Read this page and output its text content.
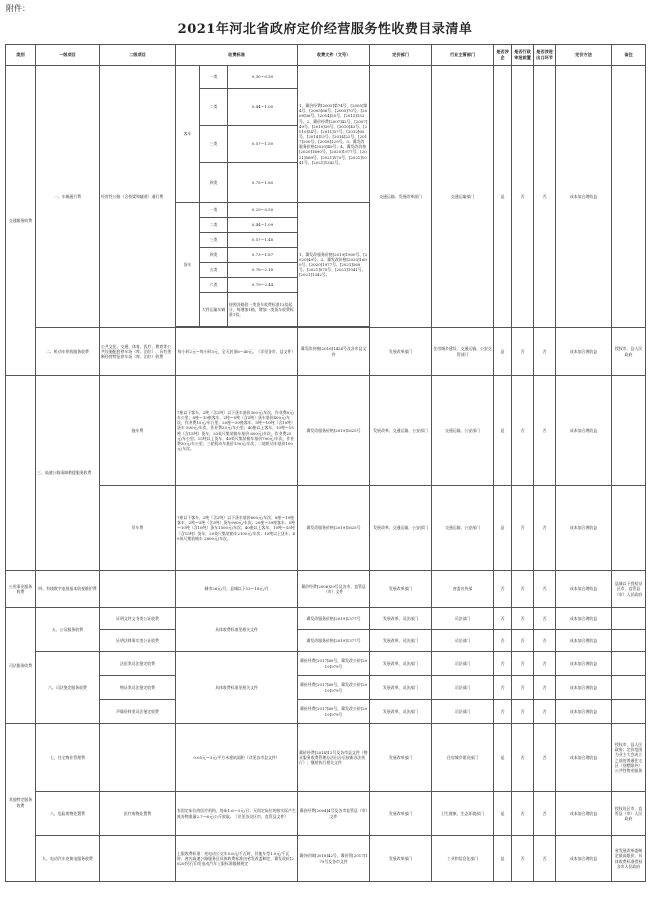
附件：
2021年河北省政府定价经营服务性收费目录清单
类别	一级项目	二级项目	收费标准			收费文件（文号）	定价部门	行业主管部门	是否涉企	是否行政审批前置	是否涉进出口环节	定价方法	备注
交通服务收费	一、车辆通行费	经营性公路（含桥梁和隧道）通行费	客车	一类	0.30～0.50	1、冀价经费[2005]第74号、[2005]第4号、[2005]66号、[2005]70号、[2008]36号、[2014]55号、[2015]152号。2、冀价经费[2007]42号、[2007]49号、[2010]39号、[2010]43号、[2010]54号、[2011]37号、[2012]65号、[2014]15号、[2014]22号、[2017]200号、[2018]129号。3、冀发改服务价格[2020]49号；4、冀发改价格[2020]1690号、[2020]1977号、[2021]569号、[2021]570号、[2021]1041号、[2021]1342号。	交通运输、发展改革部门	交通运输部门	是	否	否	成本加合理收益	
				二类	0.44～1.00								
				三类	0.57～1.50								
				四类	0.75～1.80								
			货车	一类	0.29～0.50	1、冀发改服务价格[2019]1900号、[2020]49号；2、冀发改价格[2020]1690号、[2020]1977号、[2021]569号、[2021]570号、[2021]1041号、[2021]1342号。							
				二类	0.44～1.09								
				三类	0.57～1.48								
				四类	0.73～1.87								
				五类	0.78～2.18								
				六类	0.79～2.44								
				大件运输车辆	按照各路段一类货车收费标准13倍起计，每增加1轴，增加一类货车收费标准1倍。								

	二、机动车停放服务收费	公共文化、交通、体育、医疗、教育等公共设施配套停车场（库、泊位）、具有垄断经营特征停车场（库、泊位）收费	每小时2元～每小时3元，全天封顶6～40元。（详见各市、县文件）			冀发改价格[2016]1424号及各市县文件	发展改革部门	住房城乡建设、交通运输、公安交管部门	是	否	否	成本加合理收益	授权市、县人民政府
	三、高速公路清障救援服务收费	拖车费	7座以下客车、2吨（含2吨）以下货车基价300元/车次，作业费8元/车公里；8座～19座客车、2吨～5吨（含5吨）货车基价400元/车次，作业费15元/车公里；20座～39座客车、5吨～10吨（含10吨）货车 500元/车次，作业费25元/车公里；40座以上客车、10吨～15吨（含15吨）货车，20英尺集装箱车基价 600元/车次，作业费25元/车公里；15吨以上货车、40英尺集装箱车基价700元/车次，作业费30元/车公里；三轮机动车基价150元/车次；二轮机动车基价100元/车次。			冀发改服务价格[2019]1625号	发展改革、交通运输、公安部门	交通运输、公安部门	是	否	否	成本加合理收益	
		吊车费	7座以下客车、2吨（含2吨）以下货车基价600元/车次；8座～19座客车、2吨～5吨（含5吨）货车900元/车次；20座～39座客车、5吨～10吨（含10吨）货车1500元/车次；40座以上客车、10吨～15吨（含15吨）货车，20英尺集装箱车2100元/车次；15吨以上货车、40英尺集装箱车 2800元/车次。			冀发改服务价格[2019]1625号	发展改革、交通运输、公安部门	交通运输、公安部门	是	否	否	成本加合理收益	
公用事业服务收费	四、有线数字电视基本收视维护费		城市26元/月，县城以下13～18元/月			冀价经费[2006]29号及各市、直管县（市）文件	发展改革部门	省委宣传部	否	否	否	成本加合理收益	县城以下授权设区市、直管县（市）人民政府
司法服务收费	五、公证服务收费	证明文件文书类公证收费	具体收费标准见相关文件			冀发改服务价格[2019]1377号	发展改革、司法部门	司法部门	否	否	否	成本加合理收益	
		证明法律事实类公证收费				冀发改服务价格[2019]1377号	发展改革、司法部门	司法部门	否	否	否	成本加合理收益	
	六、司法鉴定服务收费	法医类司法鉴定收费	具体收费标准见相关文件			冀价经费[2017]60号，冀发改公价[2019]979号	发展改革、司法部门	司法部门	否	否	否	成本加合理收益	
		物证类司法鉴定收费				冀价经费[2017]60号，冀发改公价[2019]979号	发展改革、司法部门	司法部门	否	否	否	成本加合理收益	
		声像资料类司法鉴定收费				冀价经费[2017]60号，冀发改公价[2019]979号	发展改革、司法部门	司法部门	否	否	否	成本加合理收益	
其他特定服务收费	七、住宅物业管理费		0.05元～3元/平方米建筑面积（详见各市县文件）			冀价经费[2014]12号及各市县文件（物业服务收费管理办法出台后按新办法执行）；继续执行相关文件	发展改革部门	住房城乡建设部门	是	否	否	成本加合理收益	授权市、县人民政府；定价范围为业主大会成立之前的普通住宅区（别墅除外）公共性物业服务
	八、危险废物处置费	医疗废物处置费	有固定床位的医疗机构，每床1.6～3元/日；无固定床位的按实际产生废弃物重量2.7～6元/公斤收取。（详见各设区市、直管县文件）			冀价经费[2004]4号及各市直管县（市）文件	发展改革部门	卫生健康、生态环境部门	是	否	否	成本加合理收益	授权设区市、直管县（市）人民政府
	九、电动汽车充换电服务收费		上限收费标准：充电动公交车0.6元/千瓦时，其他车型1.0元/千瓦时；省内高速公路服务区具体收费标准由省发改委制定，冀发改价[2020]另行印发电动汽车上限标准限制规定			冀价价调[2018]42号、冀价管[2017]179号及各市文件	发展改革部门	工业和信息化部门	是	否	否	成本加合理收益	省发展改革委制定最高限价，具体收费标准授权各市人民政府
